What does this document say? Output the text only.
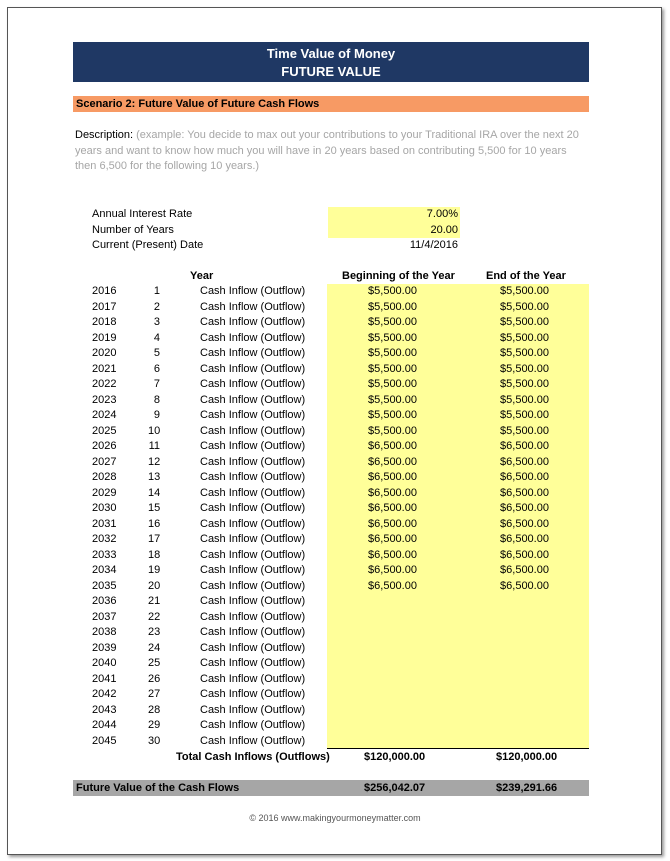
Time Value of Money
FUTURE VALUE
Scenario 2: Future Value of Future Cash Flows
Description: (example: You decide to max out your contributions to your Traditional IRA over the next 20 years and want to know how much you will have in 20 years based on contributing 5,500 for 10 years then 6,500 for the following 10 years.)
Annual Interest Rate	7.00%
Number of Years	20.00
Current (Present) Date	11/4/2016
Year	Beginning of the Year	End of the Year
2016	1	Cash Inflow (Outflow)	$5,500.00	$5,500.00
2017	2	Cash Inflow (Outflow)	$5,500.00	$5,500.00
2018	3	Cash Inflow (Outflow)	$5,500.00	$5,500.00
2019	4	Cash Inflow (Outflow)	$5,500.00	$5,500.00
2020	5	Cash Inflow (Outflow)	$5,500.00	$5,500.00
2021	6	Cash Inflow (Outflow)	$5,500.00	$5,500.00
2022	7	Cash Inflow (Outflow)	$5,500.00	$5,500.00
2023	8	Cash Inflow (Outflow)	$5,500.00	$5,500.00
2024	9	Cash Inflow (Outflow)	$5,500.00	$5,500.00
2025	10	Cash Inflow (Outflow)	$5,500.00	$5,500.00
2026	11	Cash Inflow (Outflow)	$6,500.00	$6,500.00
2027	12	Cash Inflow (Outflow)	$6,500.00	$6,500.00
2028	13	Cash Inflow (Outflow)	$6,500.00	$6,500.00
2029	14	Cash Inflow (Outflow)	$6,500.00	$6,500.00
2030	15	Cash Inflow (Outflow)	$6,500.00	$6,500.00
2031	16	Cash Inflow (Outflow)	$6,500.00	$6,500.00
2032	17	Cash Inflow (Outflow)	$6,500.00	$6,500.00
2033	18	Cash Inflow (Outflow)	$6,500.00	$6,500.00
2034	19	Cash Inflow (Outflow)	$6,500.00	$6,500.00
2035	20	Cash Inflow (Outflow)	$6,500.00	$6,500.00
2036	21	Cash Inflow (Outflow)
2037	22	Cash Inflow (Outflow)
2038	23	Cash Inflow (Outflow)
2039	24	Cash Inflow (Outflow)
2040	25	Cash Inflow (Outflow)
2041	26	Cash Inflow (Outflow)
2042	27	Cash Inflow (Outflow)
2043	28	Cash Inflow (Outflow)
2044	29	Cash Inflow (Outflow)
2045	30	Cash Inflow (Outflow)
Total Cash Inflows (Outflows)	$120,000.00	$120,000.00
Future Value of the Cash Flows	$256,042.07	$239,291.66
© 2016 www.makingyourmoneymatter.com
